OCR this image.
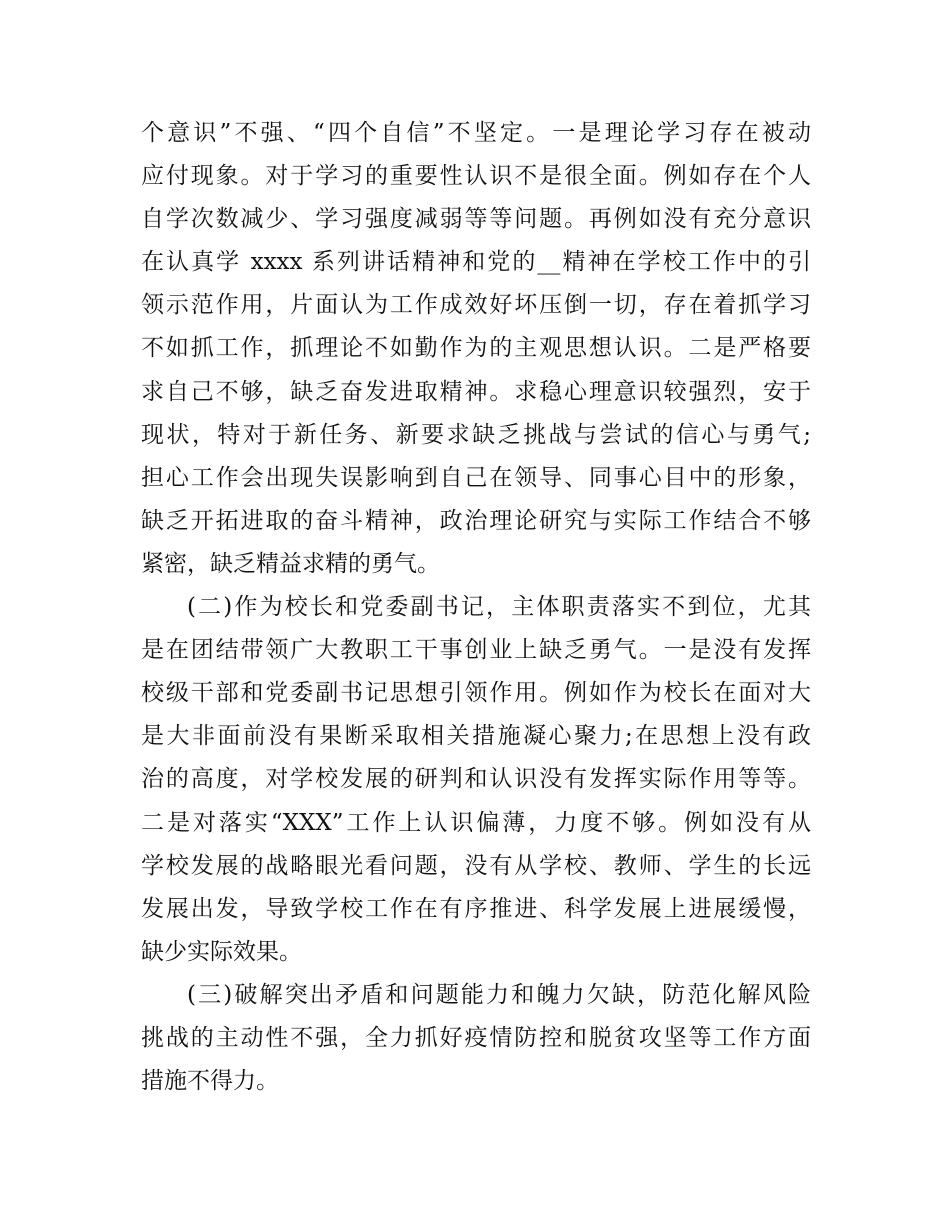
个意识”不强、“四个自信”不坚定。一是理论学习存在被动
应付现象。对于学习的重要性认识不是很全面。例如存在个人
自学次数减少、学习强度减弱等等问题。再例如没有充分意识
在认真学 xxxx 系列讲话精神和党的__精神在学校工作中的引
领示范作用，片面认为工作成效好坏压倒一切，存在着抓学习
不如抓工作，抓理论不如勤作为的主观思想认识。二是严格要
求自己不够，缺乏奋发进取精神。求稳心理意识较强烈，安于
现状，特对于新任务、新要求缺乏挑战与尝试的信心与勇气;
担心工作会出现失误影响到自己在领导、同事心目中的形象，
缺乏开拓进取的奋斗精神，政治理论研究与实际工作结合不够
紧密，缺乏精益求精的勇气。
(二)作为校长和党委副书记，主体职责落实不到位，尤其
是在团结带领广大教职工干事创业上缺乏勇气。一是没有发挥
校级干部和党委副书记思想引领作用。例如作为校长在面对大
是大非面前没有果断采取相关措施凝心聚力;在思想上没有政
治的高度，对学校发展的研判和认识没有发挥实际作用等等。
二是对落实“XXX”工作上认识偏薄，力度不够。例如没有从
学校发展的战略眼光看问题，没有从学校、教师、学生的长远
发展出发，导致学校工作在有序推进、科学发展上进展缓慢，
缺少实际效果。
(三)破解突出矛盾和问题能力和魄力欠缺，防范化解风险
挑战的主动性不强，全力抓好疫情防控和脱贫攻坚等工作方面
措施不得力。
